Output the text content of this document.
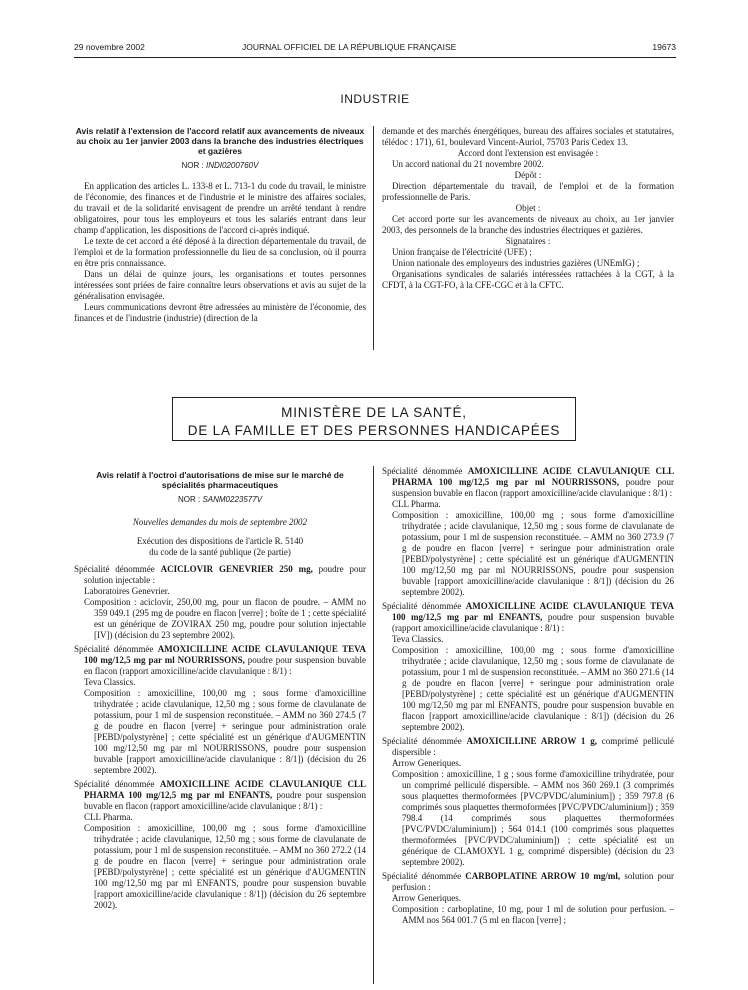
29 novembre 2002	JOURNAL OFFICIEL DE LA RÉPUBLIQUE FRANÇAISE	19673
INDUSTRIE

Avis relatif à l'extension de l'accord relatif aux avancements de niveaux au choix au 1er janvier 2003 dans la branche des industries électriques et gazières

NOR : INDI0200760V

En application des articles L. 133-8 et L. 713-1 du code du travail, le ministre de l'économie, des finances et de l'industrie et le ministre des affaires sociales, du travail et de la solidarité envisagent de prendre un arrêté tendant à rendre obligatoires, pour tous les employeurs et tous les salariés entrant dans leur champ d'application, les dispositions de l'accord ci-après indiqué.

Le texte de cet accord a été déposé à la direction départementale du travail, de l'emploi et de la formation professionnelle du lieu de sa conclusion, où il pourra en être pris connaissance.

Dans un délai de quinze jours, les organisations et toutes personnes intéressées sont priées de faire connaître leurs observations et avis au sujet de la généralisation envisagée.

Leurs communications devront être adressées au ministère de l'économie, des finances et de l'industrie (industrie) (direction de la

demande et des marchés énergétiques, bureau des affaires sociales et statutaires, télédoc : 171), 61, boulevard Vincent-Auriol, 75703 Paris Cedex 13.

Accord dont l'extension est envisagée :

Un accord national du 21 novembre 2002.

Dépôt :

Direction départementale du travail, de l'emploi et de la formation professionnelle de Paris.

Objet :

Cet accord porte sur les avancements de niveaux au choix, au 1er janvier 2003, des personnels de la branche des industries électriques et gazières.

Signataires :

Union française de l'électricité (UFE) ;

Union nationale des employeurs des industries gazières (UNEmIG) ;

Organisations syndicales de salariés intéressées rattachées à la CGT, à la CFDT, à la CGT-FO, à la CFE-CGC et à la CFTC.

MINISTÈRE DE LA SANTÉ,
DE LA FAMILLE ET DES PERSONNES HANDICAPÉES

Avis relatif à l'octroi d'autorisations de mise sur le marché de spécialités pharmaceutiques

NOR : SANM0223577V

Nouvelles demandes du mois de septembre 2002

Exécution des dispositions de l'article R. 5140

du code de la santé publique (2e partie)

Spécialité dénommée ACICLOVIR GENEVRIER 250 mg, poudre pour solution injectable :

Laboratoires Genevrier.

Composition : aciclovir, 250,00 mg, pour un flacon de poudre. – AMM no 359 049.1 (295 mg de poudre en flacon [verre] ; boîte de 1 ; cette spécialité est un générique de ZOVIRAX 250 mg, poudre pour solution injectable [IV]) (décision du 23 septembre 2002).

Spécialité dénommée AMOXICILLINE ACIDE CLAVULANIQUE TEVA 100 mg/12,5 mg par ml NOURRISSONS, poudre pour suspension buvable en flacon (rapport amoxicilline/acide clavulanique : 8/1) :

Teva Classics.

Composition : amoxicilline, 100,00 mg ; sous forme d'amoxicilline trihydratée ; acide clavulanique, 12,50 mg ; sous forme de clavulanate de potassium, pour 1 ml de suspension reconstituée. – AMM no 360 274.5 (7 g de poudre en flacon [verre] + seringue pour administration orale [PEBD/polystyrène] ; cette spécialité est un générique d'AUGMENTIN 100 mg/12,50 mg par ml NOURRISSONS, poudre pour suspension buvable [rapport amoxicilline/acide clavulanique : 8/1]) (décision du 26 septembre 2002).

Spécialité dénommée AMOXICILLINE ACIDE CLAVULANIQUE CLL PHARMA 100 mg/12,5 mg par ml ENFANTS, poudre pour suspension buvable en flacon (rapport amoxicilline/acide clavulanique : 8/1) :

CLL Pharma.

Composition : amoxicilline, 100,00 mg ; sous forme d'amoxicilline trihydratée ; acide clavulanique, 12,50 mg ; sous forme de clavulanate de potassium, pour 1 ml de suspension reconstituée. – AMM no 360 272.2 (14 g de poudre en flacon [verre] + seringue pour administration orale [PEBD/polystyrène] ; cette spécialité est un générique d'AUGMENTIN 100 mg/12,50 mg par ml ENFANTS, poudre pour suspension buvable [rapport amoxicilline/acide clavulanique : 8/1]) (décision du 26 septembre 2002).

Spécialité dénommée AMOXICILLINE ACIDE CLAVULANIQUE CLL PHARMA 100 mg/12,5 mg par ml NOURRISSONS, poudre pour suspension buvable en flacon (rapport amoxicilline/acide clavulanique : 8/1) :

CLL Pharma.

Composition : amoxicilline, 100,00 mg ; sous forme d'amoxicilline trihydratée ; acide clavulanique, 12,50 mg ; sous forme de clavulanate de potassium, pour 1 ml de suspension reconstituée. – AMM no 360 273.9 (7 g de poudre en flacon [verre] + seringue pour administration orale [PEBD/polystyrène] ; cette spécialité est un générique d'AUGMENTIN 100 mg/12,50 mg par ml NOURRISSONS, poudre pour suspension buvable [rapport amoxicilline/acide clavulanique : 8/1]) (décision du 26 septembre 2002).

Spécialité dénommée AMOXICILLINE ACIDE CLAVULANIQUE TEVA 100 mg/12,5 mg par ml ENFANTS, poudre pour suspension buvable (rapport amoxicilline/acide clavulanique : 8/1) :

Teva Classics.

Composition : amoxicilline, 100,00 mg ; sous forme d'amoxicilline trihydratée ; acide clavulanique, 12,50 mg ; sous forme de clavulanate de potassium, pour 1 ml de suspension reconstituée. – AMM no 360 271.6 (14 g de poudre en flacon [verre] + seringue pour administration orale [PEBD/polystyrène] ; cette spécialité est un générique d'AUGMENTIN 100 mg/12,50 mg par ml ENFANTS, poudre pour suspension buvable en flacon [rapport amoxicilline/acide clavulanique : 8/1]) (décision du 26 septembre 2002).

Spécialité dénommée AMOXICILLINE ARROW 1 g, comprimé pelliculé dispersible :

Arrow Generiques.

Composition : amoxicilline, 1 g ; sous forme d'amoxicilline trihydratée, pour un comprimé pelliculé dispersible. – AMM nos 360 269.1 (3 comprimés sous plaquettes thermoformées [PVC/PVDC/aluminium]) ; 359 797.8 (6 comprimés sous plaquettes thermoformées [PVC/PVDC/aluminium]) ; 359 798.4 (14 comprimés sous plaquettes thermoformées [PVC/PVDC/aluminium]) ; 564 014.1 (100 comprimés sous plaquettes thermoformées [PVC/PVDC/aluminium]) ; cette spécialité est un générique de CLAMOXYL 1 g, comprimé dispersible) (décision du 23 septembre 2002).

Spécialité dénommée CARBOPLATINE ARROW 10 mg/ml, solution pour perfusion :

Arrow Generiques.

Composition : carboplatine, 10 mg, pour 1 ml de solution pour perfusion. – AMM nos 564 001.7 (5 ml en flacon [verre] ;
